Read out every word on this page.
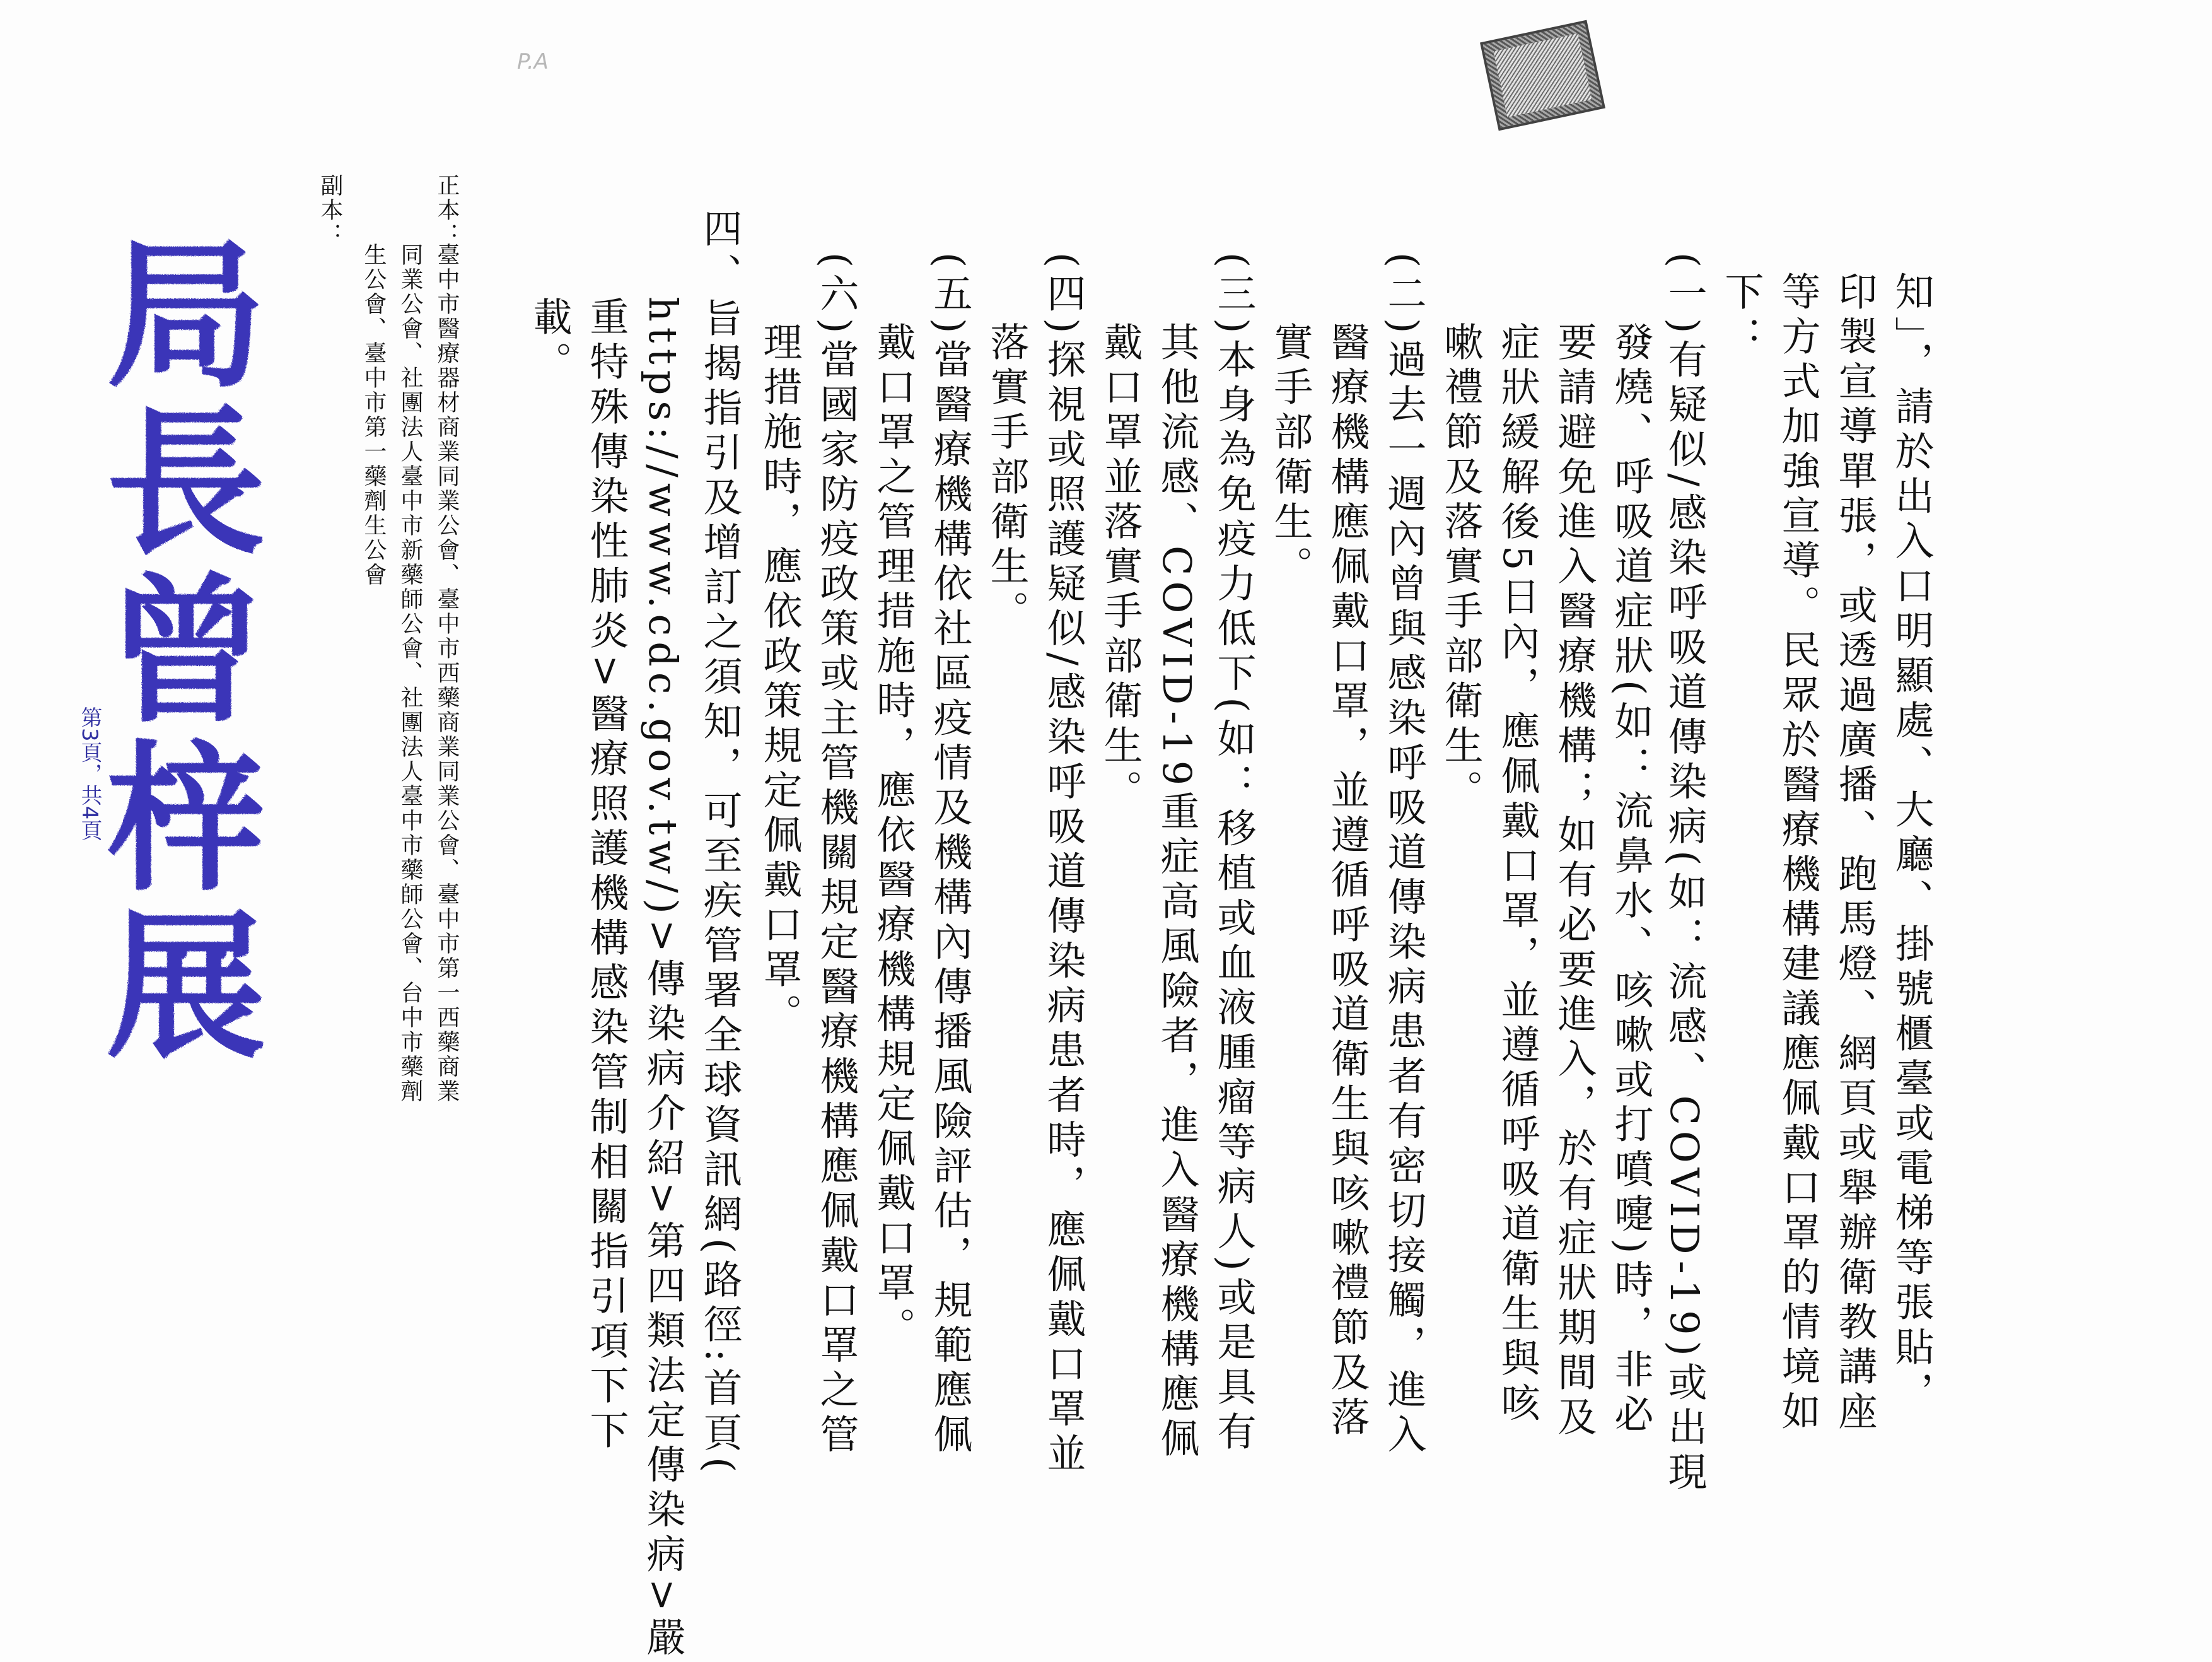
P.A
知」，請於出入口明顯處、大廳、掛號櫃臺或電梯等張貼，
印製宣導單張，或透過廣播、跑馬燈、網頁或舉辦衛教講座
等方式加強宣導。民眾於醫療機構建議應佩戴口罩的情境如
下：
(一)有疑似/感染呼吸道傳染病(如：流感、COVID-19)或出現
發燒、呼吸道症狀(如：流鼻水、咳嗽或打噴嚏)時，非必
要請避免進入醫療機構；如有必要進入，於有症狀期間及
症狀緩解後5日內，應佩戴口罩，並遵循呼吸道衛生與咳
嗽禮節及落實手部衛生。
(二)過去一週內曾與感染呼吸道傳染病患者有密切接觸，進入
醫療機構應佩戴口罩，並遵循呼吸道衛生與咳嗽禮節及落
實手部衛生。
(三)本身為免疫力低下(如：移植或血液腫瘤等病人)或是具有
其他流感、COVID-19重症高風險者，進入醫療機構應佩
戴口罩並落實手部衛生。
(四)探視或照護疑似/感染呼吸道傳染病患者時，應佩戴口罩並
落實手部衛生。
(五)當醫療機構依社區疫情及機構內傳播風險評估，規範應佩
戴口罩之管理措施時，應依醫療機構規定佩戴口罩。
(六)當國家防疫政策或主管機關規定醫療機構應佩戴口罩之管
理措施時，應依政策規定佩戴口罩。
四、旨揭指引及增訂之須知，可至疾管署全球資訊網(路徑:首頁(
https://www.cdc.gov.tw/)>傳染病介紹>第四類法定傳染病>嚴
重特殊傳染性肺炎>醫療照護機構感染管制相關指引項下下
載。
正本：
臺中市醫療器材商業同業公會、臺中市西藥商業同業公會、臺中市第一西藥商業
同業公會、社團法人臺中市新藥師公會、社團法人臺中市藥師公會、台中市藥劑
生公會、臺中市第一藥劑生公會
副本：
局長曾梓展
第3頁，共4頁
